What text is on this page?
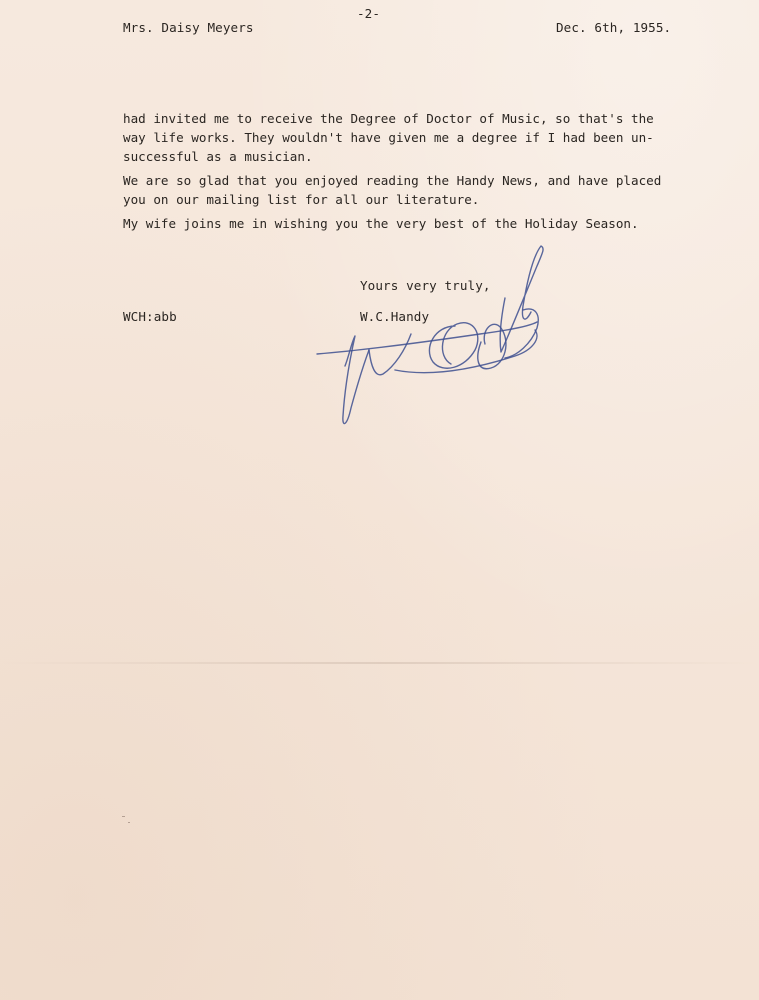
Mrs. Daisy Meyers
-2-
Dec. 6th, 1955.

had invited me to receive the Degree of Doctor of Music, so that's the
way life works. They wouldn't have given me a degree if I had been un-
successful as a musician.

We are so glad that you enjoyed reading the Handy News, and have placed
you on our mailing list for all our literature.

My wife joins me in wishing you the very best of the Holiday Season.

Yours very truly,
WCH:abb	W.C.Handy
